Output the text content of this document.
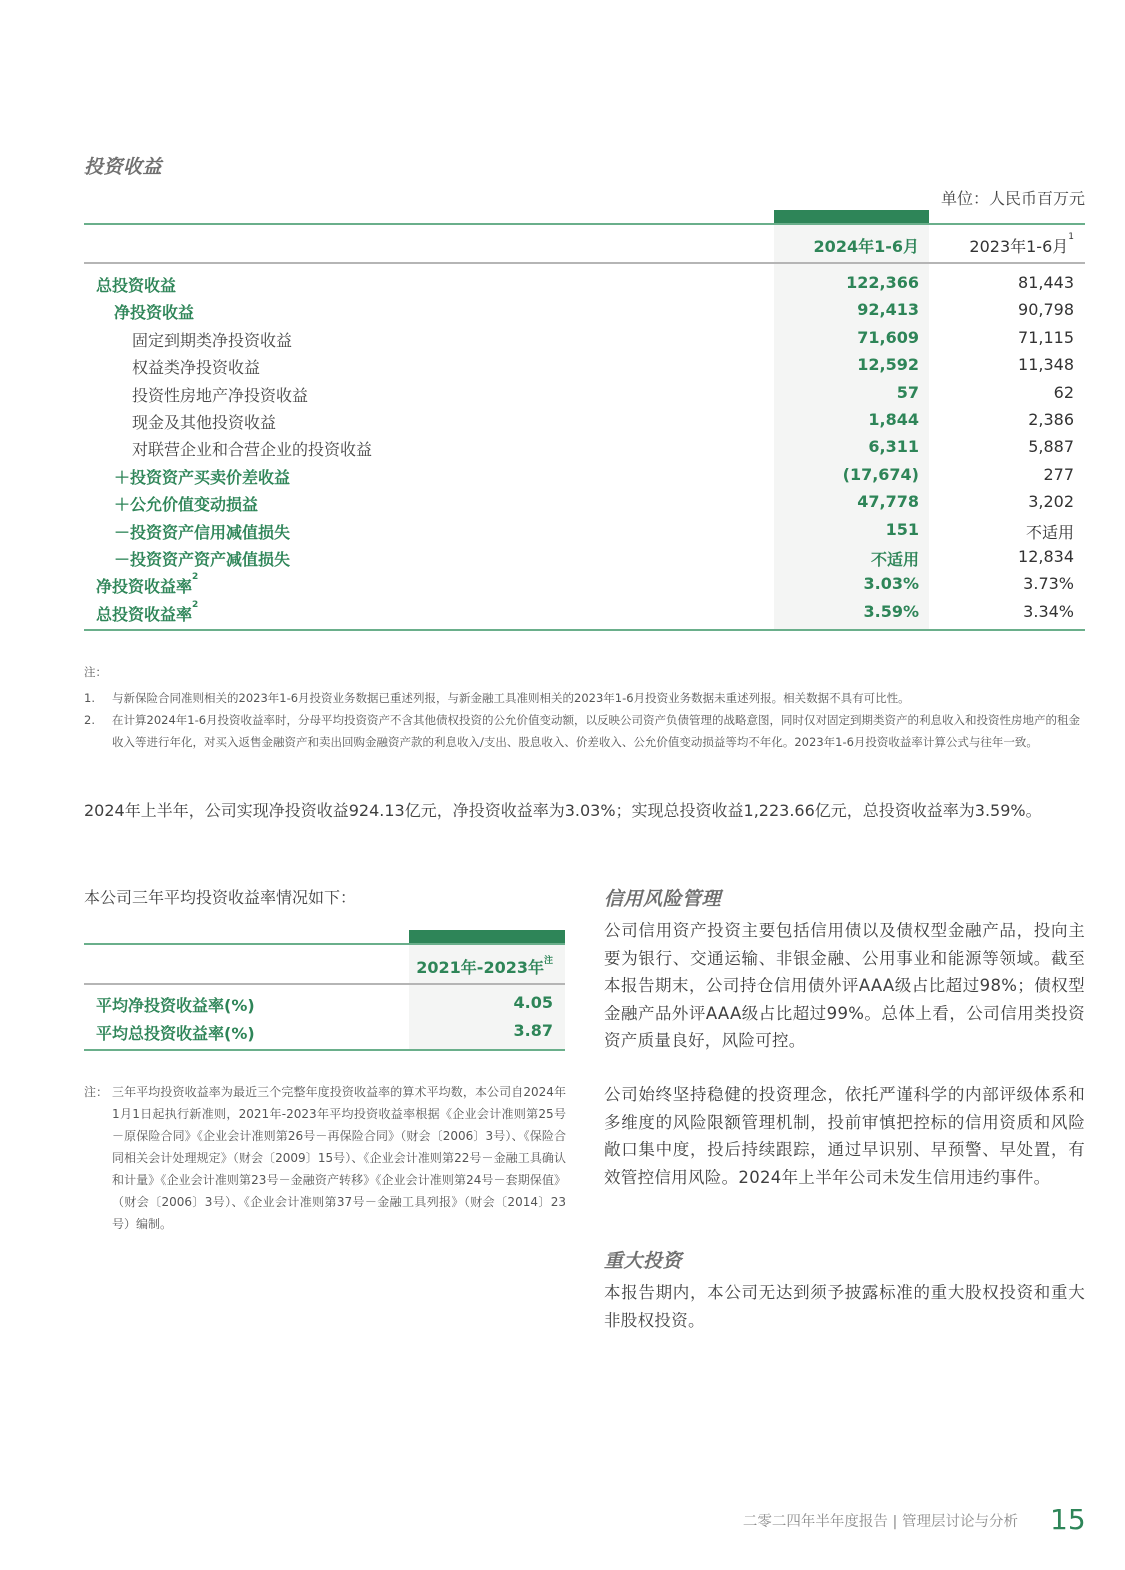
投资收益
单位：人民币百万元
2024年1-6月	2023年1-6月$^1$
总投资收益	122,366	81,443
净投资收益	92,413	90,798
固定到期类净投资收益	71,609	71,115
权益类净投资收益	12,592	11,348
投资性房地产净投资收益	57	62
现金及其他投资收益	1,844	2,386
对联营企业和合营企业的投资收益	6,311	5,887
＋投资资产买卖价差收益	(17,674)	277
＋公允价值变动损益	47,778	3,202
－投资资产信用减值损失	151	不适用
－投资资产资产减值损失	不适用	12,834
净投资收益率$^2$	3.03%	3.73%
总投资收益率$^2$	3.59%	3.34%
注：
1. 与新保险合同准则相关的2023年1-6月投资业务数据已重述列报，与新金融工具准则相关的2023年1-6月投资业务数据未重述列报。相关数据不具有可比性。
2. 在计算2024年1-6月投资收益率时，分母平均投资资产不含其他债权投资的公允价值变动额，以反映公司资产负债管理的战略意图，同时仅对固定到期类资产的利息收入和投资性房地产的租金收入等进行年化，对买入返售金融资产和卖出回购金融资产款的利息收入/支出、股息收入、价差收入、公允价值变动损益等均不年化。2023年1-6月投资收益率计算公式与往年一致。
2024年上半年，公司实现净投资收益924.13亿元，净投资收益率为3.03%；实现总投资收益1,223.66亿元，总投资收益率为3.59%。
本公司三年平均投资收益率情况如下：
2021年-2023年$^注$
平均净投资收益率(%)	4.05
平均总投资收益率(%)	3.87
注： 三年平均投资收益率为最近三个完整年度投资收益率的算术平均数，本公司自2024年1月1日起执行新准则，2021年-2023年平均投资收益率根据《企业会计准则第25号－原保险合同》《企业会计准则第26号－再保险合同》（财会〔2006〕3号）、《保险合同相关会计处理规定》（财会〔2009〕15号）、《企业会计准则第22号－金融工具确认和计量》《企业会计准则第23号－金融资产转移》《企业会计准则第24号－套期保值》（财会〔2006〕3号）、《企业会计准则第37号－金融工具列报》（财会〔2014〕23号）编制。
信用风险管理
公司信用资产投资主要包括信用债以及债权型金融产品，投向主要为银行、交通运输、非银金融、公用事业和能源等领域。截至本报告期末，公司持仓信用债外评AAA级占比超过98%；债权型金融产品外评AAA级占比超过99%。总体上看，公司信用类投资资产质量良好，风险可控。
公司始终坚持稳健的投资理念，依托严谨科学的内部评级体系和多维度的风险限额管理机制，投前审慎把控标的信用资质和风险敞口集中度，投后持续跟踪，通过早识别、早预警、早处置，有效管控信用风险。2024年上半年公司未发生信用违约事件。
重大投资
本报告期内，本公司无达到须予披露标准的重大股权投资和重大非股权投资。
二零二四年半年度报告 | 管理层讨论与分析 15
